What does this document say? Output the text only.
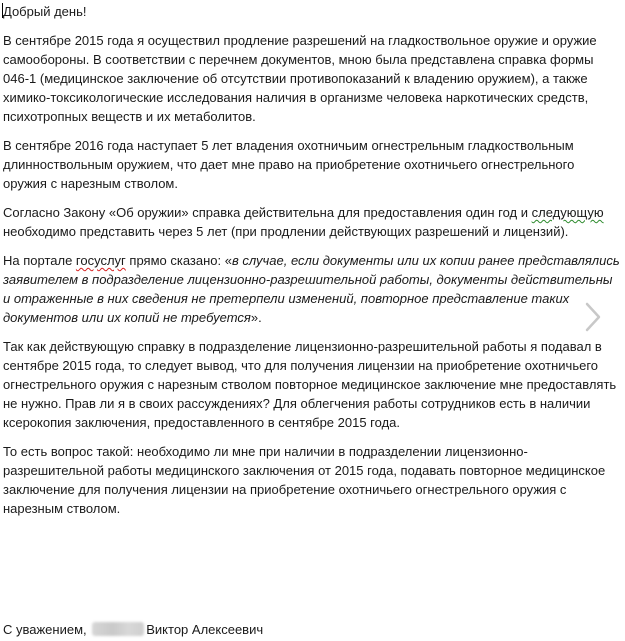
Добрый день!

В сентябре 2015 года я осуществил продление разрешений на гладкоствольное оружие и оружие самообороны. В соответствии с перечнем документов, мною была представлена справка формы 046-1 (медицинское заключение об отсутствии противопоказаний к владению оружием), а также химико-токсикологические исследования наличия в организме человека наркотических средств, психотропных веществ и их метаболитов.

В сентябре 2016 года наступает 5 лет владения охотничьим огнестрельным гладкоствольным длинноствольным оружием, что дает мне право на приобретение охотничьего огнестрельного оружия с нарезным стволом.

Согласно Закону «Об оружии» справка действительна для предоставления один год и следующую необходимо представить через 5 лет (при продлении действующих разрешений и лицензий).

На портале госуслуг прямо сказано: «в случае, если документы или их копии ранее представлялись заявителем в подразделение лицензионно-разрешительной работы, документы действительны и отраженные в них сведения не претерпели изменений, повторное представление таких документов или их копий не требуется».

Так как действующую справку в подразделение лицензионно-разрешительной работы я подавал в сентябре 2015 года, то следует вывод, что для получения лицензии на приобретение охотничьего огнестрельного оружия с нарезным стволом повторное медицинское заключение мне предоставлять не нужно. Прав ли я в своих рассуждениях? Для облегчения работы сотрудников есть в наличии ксерокопия заключения, предоставленного в сентябре 2015 года.

То есть вопрос такой: необходимо ли мне при наличии в подразделении лицензионно-разрешительной работы медицинского заключения от 2015 года, подавать повторное медицинское заключение для получения лицензии на приобретение охотничьего огнестрельного оружия с нарезным стволом.

С уважением,	Виктор Алексеевич
